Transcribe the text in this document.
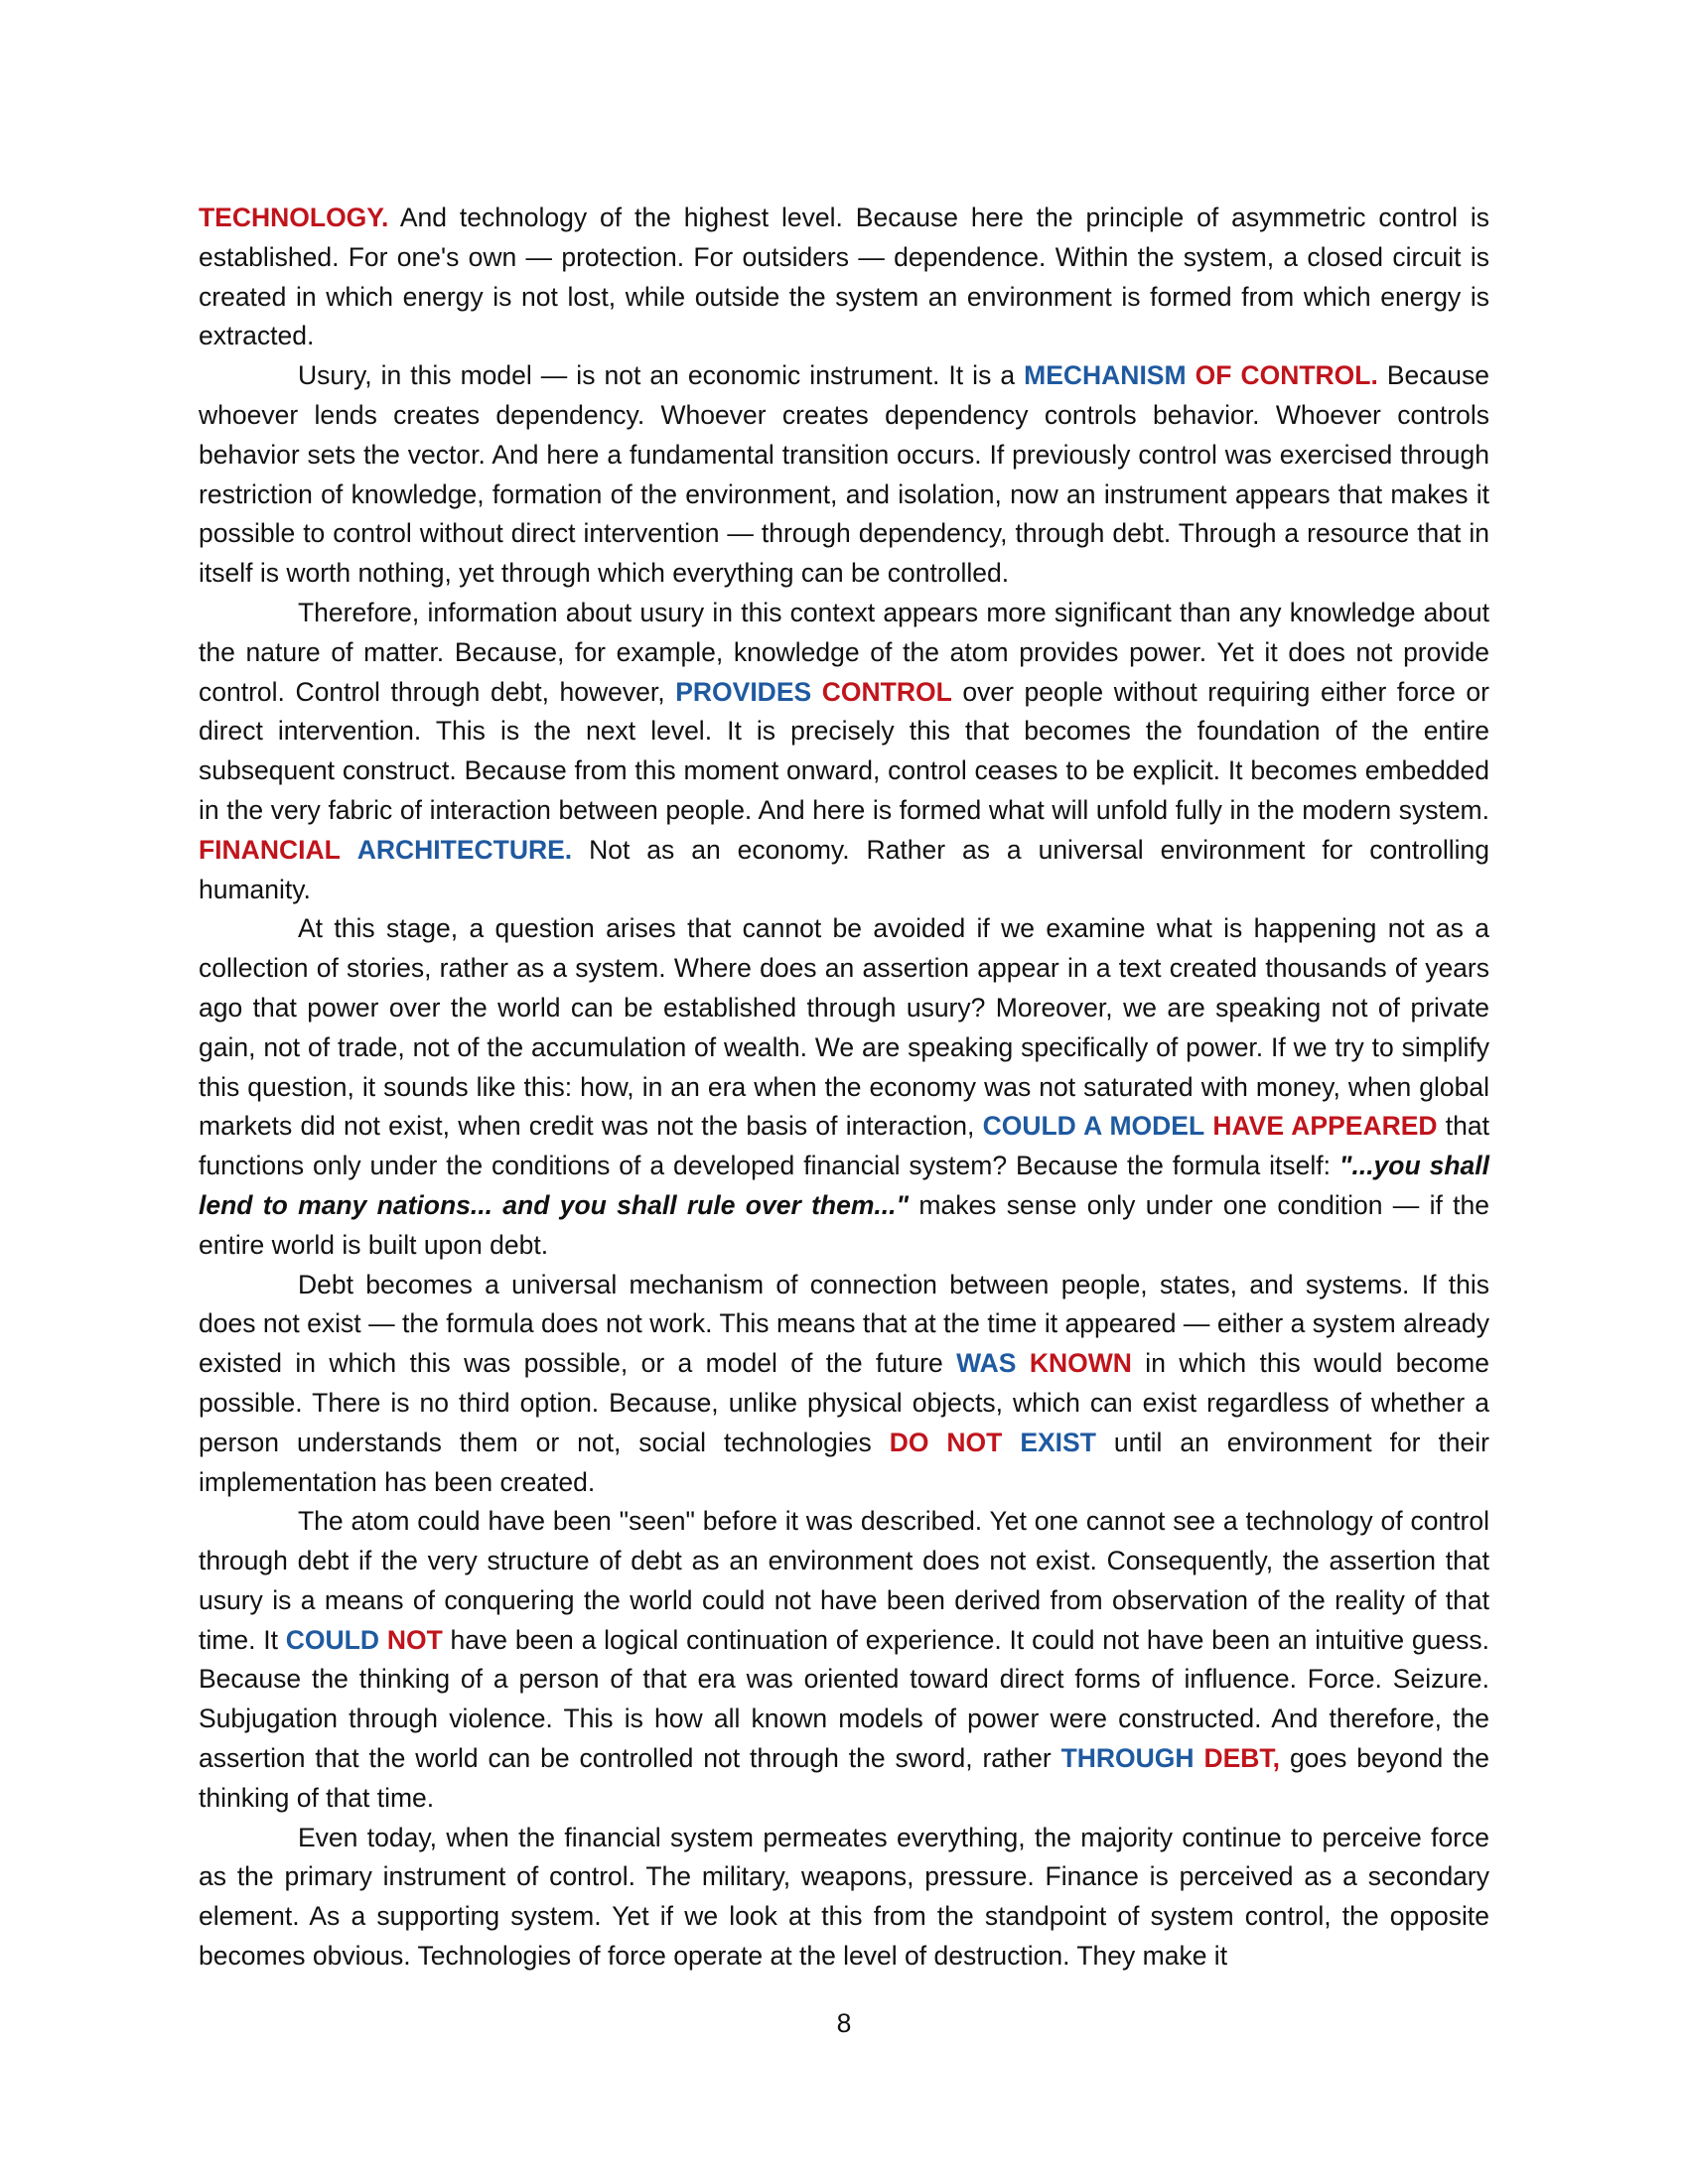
TECHNOLOGY. And technology of the highest level. Because here the principle of asymmetric control is established. For one's own — protection. For outsiders — dependence. Within the system, a closed circuit is created in which energy is not lost, while outside the system an environment is formed from which energy is extracted.

Usury, in this model — is not an economic instrument. It is a MECHANISM OF CONTROL. Because whoever lends creates dependency. Whoever creates dependency controls behavior. Whoever controls behavior sets the vector. And here a fundamental transition occurs. If previously control was exercised through restriction of knowledge, formation of the environment, and isolation, now an instrument appears that makes it possible to control without direct intervention — through dependency, through debt. Through a resource that in itself is worth nothing, yet through which everything can be controlled.

Therefore, information about usury in this context appears more significant than any knowledge about the nature of matter. Because, for example, knowledge of the atom provides power. Yet it does not provide control. Control through debt, however, PROVIDES CONTROL over people without requiring either force or direct intervention. This is the next level. It is precisely this that becomes the foundation of the entire subsequent construct. Because from this moment onward, control ceases to be explicit. It becomes embedded in the very fabric of interaction between people. And here is formed what will unfold fully in the modern system. FINANCIAL ARCHITECTURE. Not as an economy. Rather as a universal environment for controlling humanity.

At this stage, a question arises that cannot be avoided if we examine what is happening not as a collection of stories, rather as a system. Where does an assertion appear in a text created thousands of years ago that power over the world can be established through usury? Moreover, we are speaking not of private gain, not of trade, not of the accumulation of wealth. We are speaking specifically of power. If we try to simplify this question, it sounds like this: how, in an era when the economy was not saturated with money, when global markets did not exist, when credit was not the basis of interaction, COULD A MODEL HAVE APPEARED that functions only under the conditions of a developed financial system? Because the formula itself: "...you shall lend to many nations... and you shall rule over them..." makes sense only under one condition — if the entire world is built upon debt.

Debt becomes a universal mechanism of connection between people, states, and systems. If this does not exist — the formula does not work. This means that at the time it appeared — either a system already existed in which this was possible, or a model of the future WAS KNOWN in which this would become possible. There is no third option. Because, unlike physical objects, which can exist regardless of whether a person understands them or not, social technologies DO NOT EXIST until an environment for their implementation has been created.

The atom could have been "seen" before it was described. Yet one cannot see a technology of control through debt if the very structure of debt as an environment does not exist. Consequently, the assertion that usury is a means of conquering the world could not have been derived from observation of the reality of that time. It COULD NOT have been a logical continuation of experience. It could not have been an intuitive guess. Because the thinking of a person of that era was oriented toward direct forms of influence. Force. Seizure. Subjugation through violence. This is how all known models of power were constructed. And therefore, the assertion that the world can be controlled not through the sword, rather THROUGH DEBT, goes beyond the thinking of that time.

Even today, when the financial system permeates everything, the majority continue to perceive force as the primary instrument of control. The military, weapons, pressure. Finance is perceived as a secondary element. As a supporting system. Yet if we look at this from the standpoint of system control, the opposite becomes obvious. Technologies of force operate at the level of destruction. They make it

8
